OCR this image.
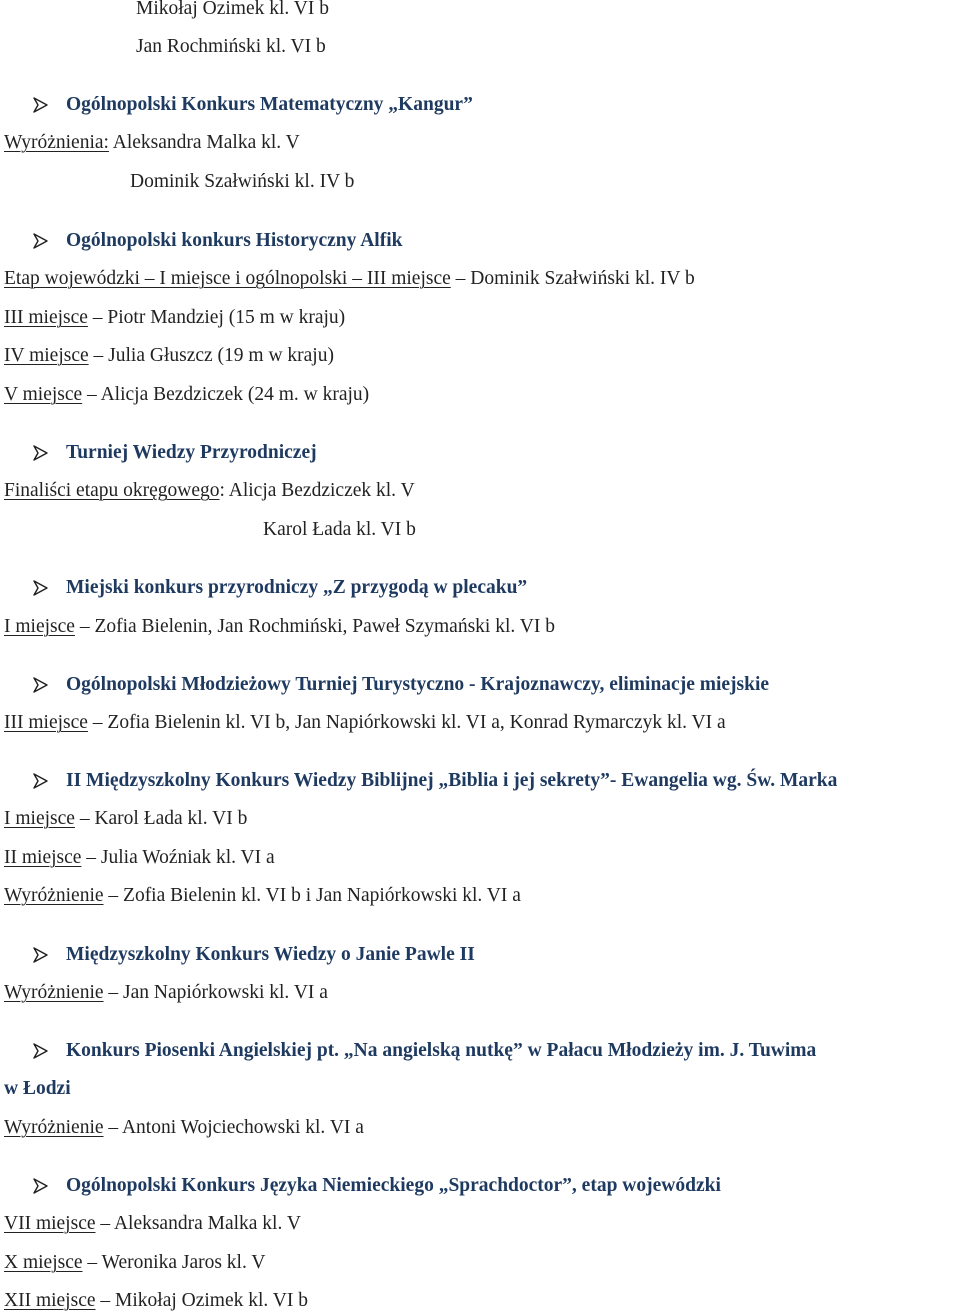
Mikołaj Ozimek kl. VI b
Jan Rochmiński kl. VI b
Ogólnopolski Konkurs Matematyczny „Kangur”
Wyróżnienia: Aleksandra Malka kl. V
Dominik Szałwiński kl. IV b
Ogólnopolski konkurs Historyczny Alfik
Etap wojewódzki – I miejsce i ogólnopolski – III miejsce – Dominik Szałwiński kl. IV b
III miejsce – Piotr Mandziej (15 m w kraju)
IV miejsce – Julia Głuszcz (19 m w kraju)
V miejsce – Alicja Bezdziczek (24 m. w kraju)
Turniej Wiedzy Przyrodniczej
Finaliści etapu okręgowego: Alicja Bezdziczek kl. V
Karol Łada kl. VI b
Miejski konkurs przyrodniczy „Z przygodą w plecaku”
I miejsce – Zofia Bielenin, Jan Rochmiński, Paweł Szymański kl. VI b
Ogólnopolski Młodzieżowy Turniej Turystyczno - Krajoznawczy, eliminacje miejskie
III miejsce – Zofia Bielenin kl. VI b, Jan Napiórkowski kl. VI a, Konrad Rymarczyk kl. VI a
II Międzyszkolny Konkurs Wiedzy Biblijnej „Biblia i jej sekrety”- Ewangelia wg. Św. Marka
I miejsce – Karol Łada kl. VI b
II miejsce – Julia Woźniak kl. VI a
Wyróżnienie – Zofia Bielenin kl. VI b i Jan Napiórkowski kl. VI a
Międzyszkolny Konkurs Wiedzy o Janie Pawle II
Wyróżnienie – Jan Napiórkowski kl. VI a
Konkurs Piosenki Angielskiej pt. „Na angielską nutkę” w Pałacu Młodzieży im. J. Tuwima
w Łodzi
Wyróżnienie – Antoni Wojciechowski kl. VI a
Ogólnopolski Konkurs Języka Niemieckiego „Sprachdoctor”, etap wojewódzki
VII miejsce – Aleksandra Malka kl. V
X miejsce – Weronika Jaros kl. V
XII miejsce – Mikołaj Ozimek kl. VI b
